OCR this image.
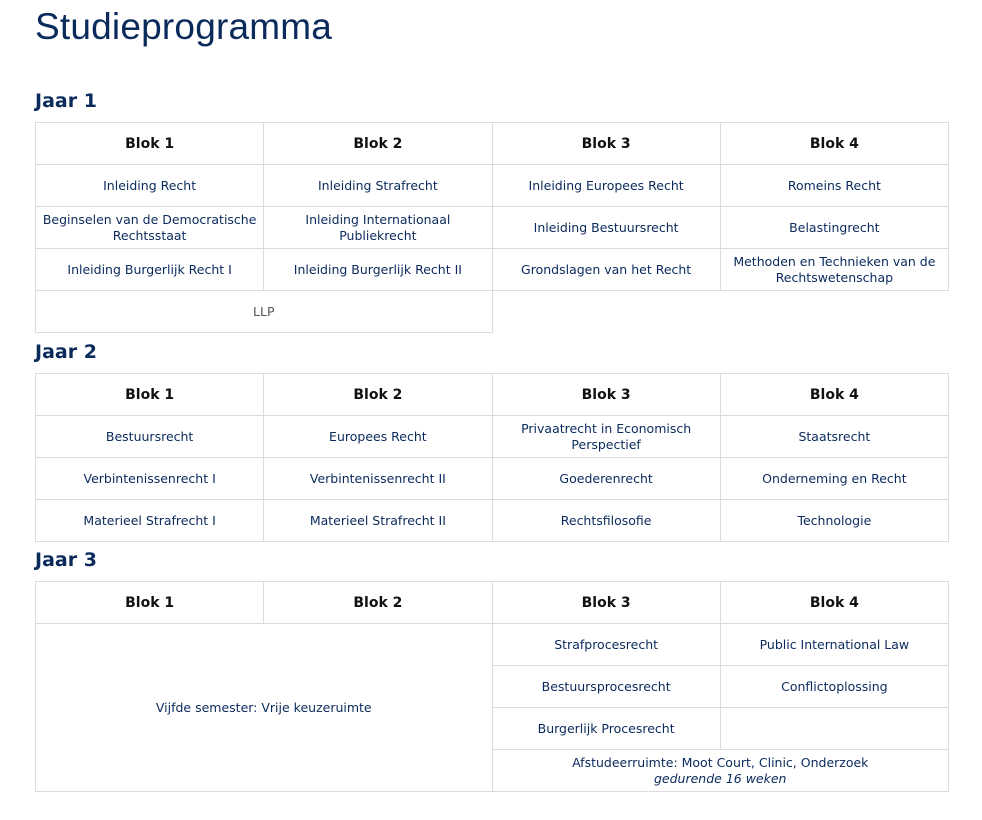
Studieprogramma
Jaar 1
Blok 1	Blok 2	Blok 3	Blok 4
Inleiding Recht	Inleiding Strafrecht	Inleiding Europees Recht	Romeins Recht
Beginselen van de Democratische Rechtsstaat	Inleiding Internationaal Publiekrecht	Inleiding Bestuursrecht	Belastingrecht
Inleiding Burgerlijk Recht I	Inleiding Burgerlijk Recht II	Grondslagen van het Recht	Methoden en Technieken van de Rechtswetenschap
LLP			
Jaar 2
Blok 1	Blok 2	Blok 3	Blok 4
Bestuursrecht	Europees Recht	Privaatrecht in Economisch Perspectief	Staatsrecht
Verbintenissenrecht I	Verbintenissenrecht II	Goederenrecht	Onderneming en Recht
Materieel Strafrecht I	Materieel Strafrecht II	Rechtsfilosofie	Technologie
Jaar 3
Blok 1	Blok 2	Blok 3	Blok 4
Vijfde semester: Vrije keuzeruimte		Strafprocesrecht	Public International Law
		Bestuursprocesrecht	Conflictoplossing
		Burgerlijk Procesrecht	

		Afstudeerruimte: Moot Court, Clinic, Onderzoek
gedurende 16 weken	
